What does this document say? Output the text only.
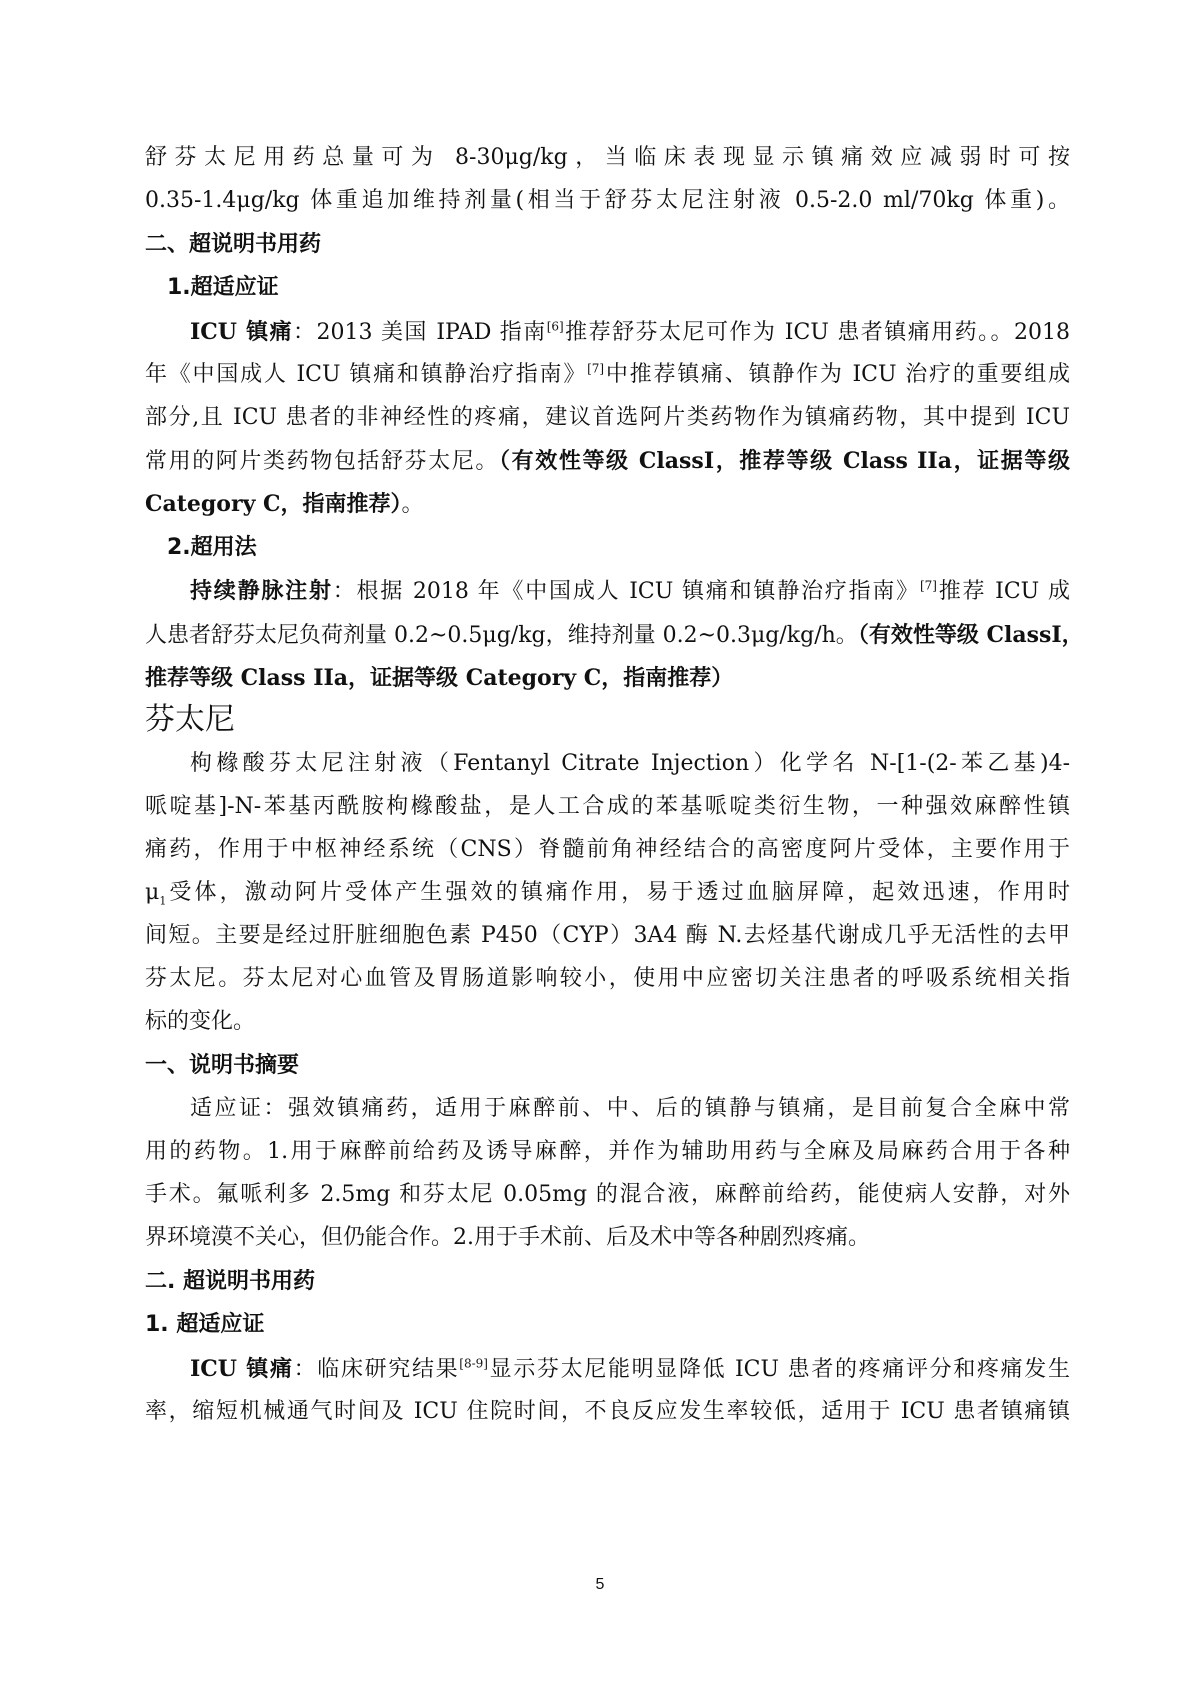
舒芬太尼用药总量可为 8-30μg/kg，当临床表现显示镇痛效应减弱时可按
0.35-1.4μg/kg 体重追加维持剂量(相当于舒芬太尼注射液 0.5-2.0 ml/70kg 体重)。
二、超说明书用药
1.超适应证
ICU 镇痛：2013 美国 IPAD 指南[6]推荐舒芬太尼可作为 ICU 患者镇痛用药。。2018
年《中国成人 ICU 镇痛和镇静治疗指南》[7]中推荐镇痛、镇静作为 ICU 治疗的重要组成
部分,且 ICU 患者的非神经性的疼痛，建议首选阿片类药物作为镇痛药物，其中提到 ICU
常用的阿片类药物包括舒芬太尼。（有效性等级 ClassI，推荐等级 Class IIa，证据等级
Category C，指南推荐）。
2.超用法
持续静脉注射：根据 2018 年《中国成人 ICU 镇痛和镇静治疗指南》[7]推荐 ICU 成
人患者舒芬太尼负荷剂量 0.2~0.5μg/kg，维持剂量 0.2~0.3μg/kg/h。（有效性等级 ClassI，
推荐等级 Class IIa，证据等级 Category C，指南推荐）
芬太尼
枸橼酸芬太尼注射液（Fentanyl Citrate Injection）化学名 N-[1-(2-苯乙基)4-
哌啶基]-N-苯基丙酰胺枸橼酸盐，是人工合成的苯基哌啶类衍生物，一种强效麻醉性镇
痛药，作用于中枢神经系统（CNS）脊髓前角神经结合的高密度阿片受体，主要作用于
$\mu_1$受体，激动阿片受体产生强效的镇痛作用，易于透过血脑屏障，起效迅速，作用时
间短。主要是经过肝脏细胞色素 P450（CYP）3A4 酶 N.去烃基代谢成几乎无活性的去甲
芬太尼。芬太尼对心血管及胃肠道影响较小，使用中应密切关注患者的呼吸系统相关指
标的变化。
一、说明书摘要
适应证：强效镇痛药，适用于麻醉前、中、后的镇静与镇痛，是目前复合全麻中常
用的药物。1.用于麻醉前给药及诱导麻醉，并作为辅助用药与全麻及局麻药合用于各种
手术。氟哌利多 2.5mg 和芬太尼 0.05mg 的混合液，麻醉前给药，能使病人安静，对外
界环境漠不关心，但仍能合作。2.用于手术前、后及术中等各种剧烈疼痛。
二. 超说明书用药
1. 超适应证
ICU 镇痛：临床研究结果[8-9]显示芬太尼能明显降低 ICU 患者的疼痛评分和疼痛发生
率，缩短机械通气时间及 ICU 住院时间，不良反应发生率较低，适用于 ICU 患者镇痛镇
5
